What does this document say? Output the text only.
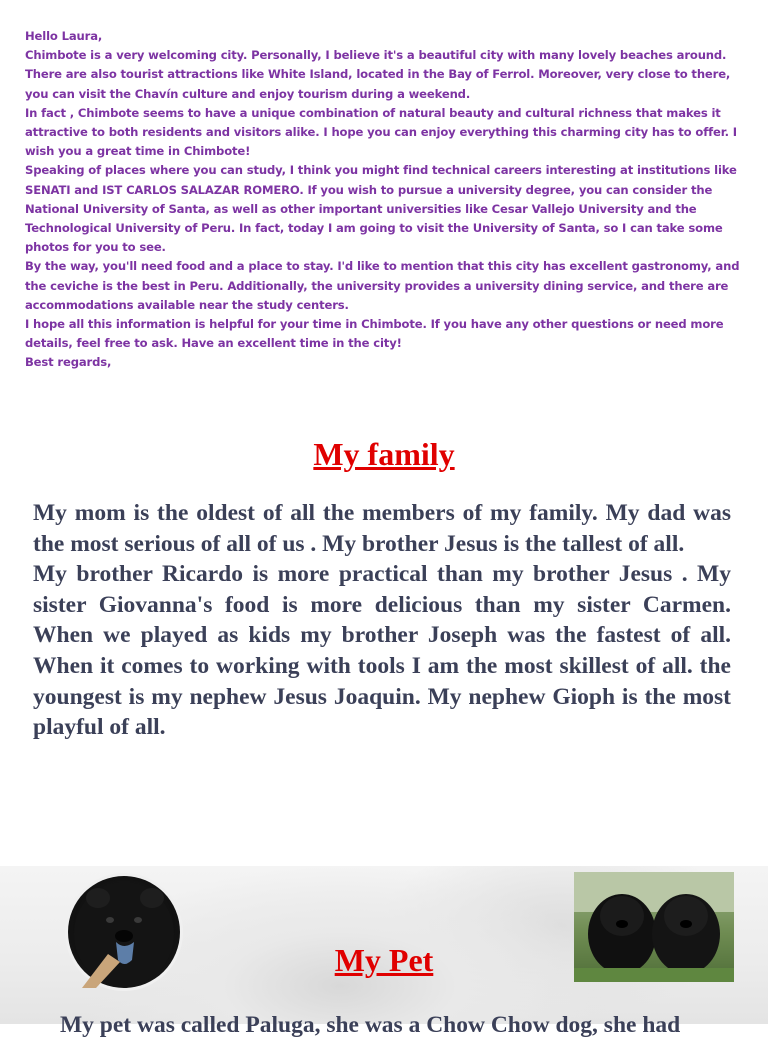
Hello Laura,

Chimbote is a very welcoming city. Personally, I believe it's a beautiful city with many lovely beaches around. There are also tourist attractions like White Island, located in the Bay of Ferrol. Moreover, very close to there, you can visit the Chavín culture and enjoy tourism during a weekend.

In fact , Chimbote seems to have a unique combination of natural beauty and cultural richness that makes it attractive to both residents and visitors alike. I hope you can enjoy everything this charming city has to offer. I wish you a great time in Chimbote!

Speaking of places where you can study, I think you might find technical careers interesting at institutions like SENATI and IST CARLOS SALAZAR ROMERO. If you wish to pursue a university degree, you can consider the National University of Santa, as well as other important universities like Cesar Vallejo University and the Technological University of Peru. In fact, today I am going to visit the University of Santa, so I can take some photos for you to see.

By the way, you'll need food and a place to stay. I'd like to mention that this city has excellent gastronomy, and the ceviche is the best in Peru. Additionally, the university provides a university dining service, and there are accommodations available near the study centers.

I hope all this information is helpful for your time in Chimbote. If you have any other questions or need more details, feel free to ask. Have an excellent time in the city!

Best regards,

My family

My mom is the oldest of all the members of my family. My dad was the most serious of all of us . My brother Jesus is the tallest of all.

My brother Ricardo is more practical than my brother Jesus . My sister Giovanna's food is more delicious than my sister Carmen. When we played as kids my brother Joseph was the fastest of all. When it comes to working with tools I am the most skillest of all. the youngest is my nephew Jesus Joaquin. My nephew Gioph is the most playful of all.

My Pet
My pet was called Paluga, she was a Chow Chow dog, she had
